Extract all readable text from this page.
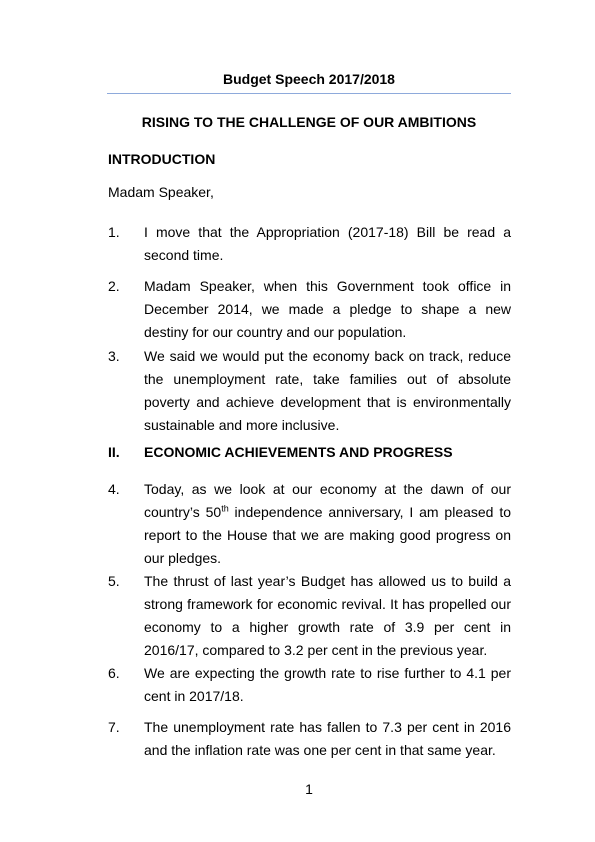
Budget Speech 2017/2018
RISING TO THE CHALLENGE OF OUR AMBITIONS
INTRODUCTION
Madam Speaker,
1. I move that the Appropriation (2017-18) Bill be read a second time.
2. Madam Speaker, when this Government took office in December 2014, we made a pledge to shape a new destiny for our country and our population.
3. We said we would put the economy back on track, reduce the unemployment rate, take families out of absolute poverty and achieve development that is environmentally sustainable and more inclusive.
II. ECONOMIC ACHIEVEMENTS AND PROGRESS
4. Today, as we look at our economy at the dawn of our country’s 50th independence anniversary, I am pleased to report to the House that we are making good progress on our pledges.
5. The thrust of last year’s Budget has allowed us to build a strong framework for economic revival. It has propelled our economy to a higher growth rate of 3.9 per cent in 2016/17, compared to 3.2 per cent in the previous year.
6. We are expecting the growth rate to rise further to 4.1 per cent in 2017/18.
7. The unemployment rate has fallen to 7.3 per cent in 2016 and the inflation rate was one per cent in that same year.
1
